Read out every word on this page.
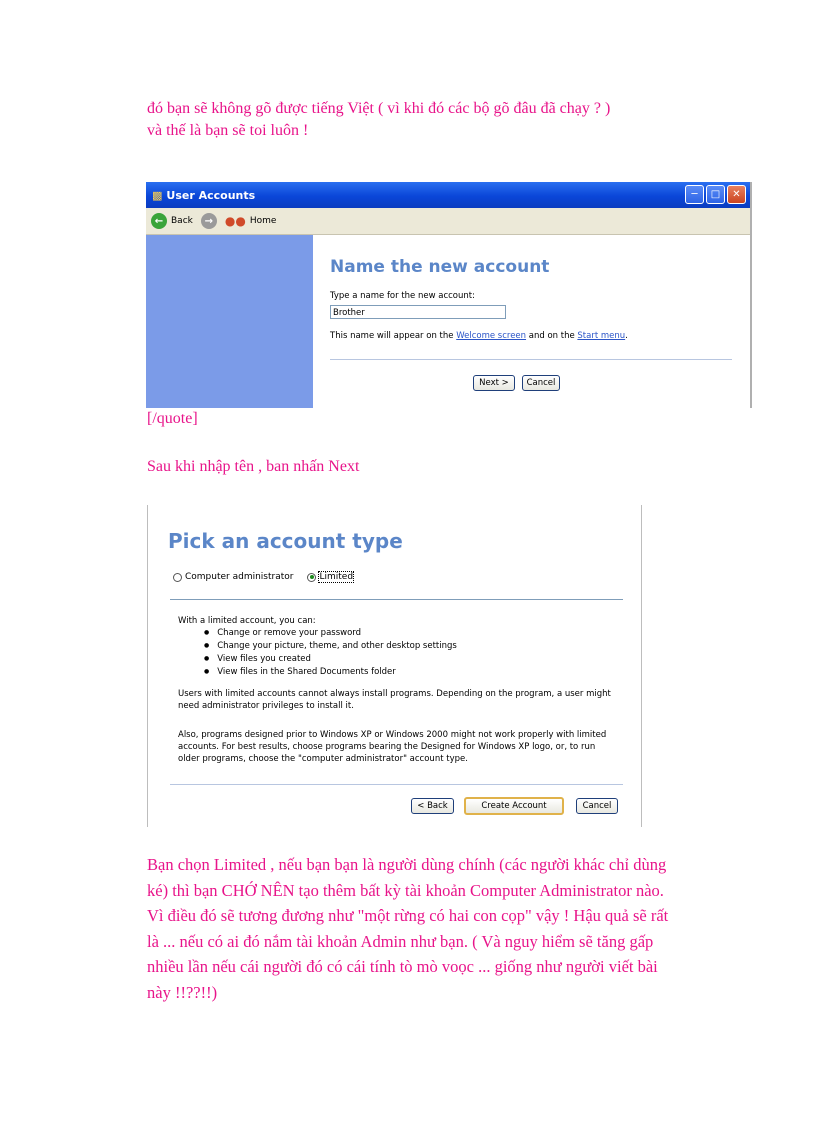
đó bạn sẽ không gõ được tiếng Việt ( vì khi đó các bộ gõ đâu đã chạy ? )
và thế là bạn sẽ toi luôn !
▩ User Accounts	─ □ ✕
← Back	→ ●● Home
Name the new account
Type a name for the new account:
Brother
This name will appear on the Welcome screen and on the Start menu.
Next >	Cancel
[/quote]
Sau khi nhập tên , ban nhấn Next
Pick an account type
Computer administrator	Limited
With a limited account, you can:
● Change or remove your password
● Change your picture, theme, and other desktop settings
● View files you created
● View files in the Shared Documents folder
Users with limited accounts cannot always install programs. Depending on the program, a user might need administrator privileges to install it.
Also, programs designed prior to Windows XP or Windows 2000 might not work properly with limited accounts. For best results, choose programs bearing the Designed for Windows XP logo, or, to run older programs, choose the "computer administrator" account type.
< Back	Create Account	Cancel
Bạn chọn Limited , nếu bạn bạn là người dùng chính (các người khác chỉ dùng ké) thì bạn CHỚ NÊN tạo thêm bất kỳ tài khoản Computer Administrator nào. Vì điều đó sẽ tương đương như "một rừng có hai con cọp" vậy ! Hậu quả sẽ rất là ... nếu có ai đó nắm tài khoản Admin như bạn. ( Và nguy hiểm sẽ tăng gấp nhiều lần nếu cái người đó có cái tính tò mò voọc ... giống như người viết bài này !!??!!)
